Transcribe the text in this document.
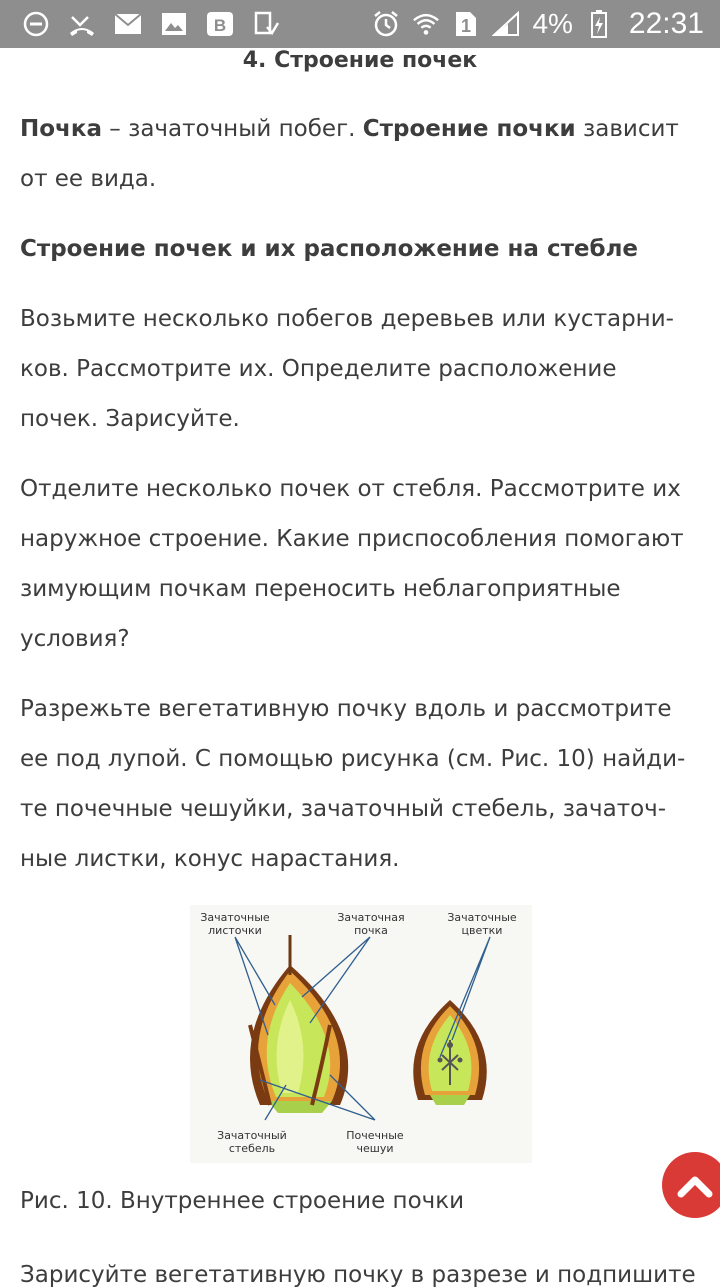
B	1 4% 22:31

4. Строение почек

Почка – зачаточный побег. Строение почки зависит
от ее вида.

Строение почек и их расположение на стебле

Возьмите несколько побегов деревьев или кустарни-
ков. Рассмотрите их. Определите расположение
почек. Зарисуйте.

Отделите несколько почек от стебля. Рассмотрите их
наружное строение. Какие приспособления помогают
зимующим почкам переносить неблагоприятные
условия?

Разрежьте вегетативную почку вдоль и рассмотрите
ее под лупой. С помощью рисунка (см. Рис. 10) найди-
те почечные чешуйки, зачаточный стебель, зачаточ-
ные листки, конус нарастания.

Зачаточные
листочки
Зачаточная
почка
Зачаточные
цветки
Зачаточный
стебель
Почечные
чешуи
Рис. 10. Внутреннее строение почки
Зарисуйте вегетативную почку в разрезе и подпишите
